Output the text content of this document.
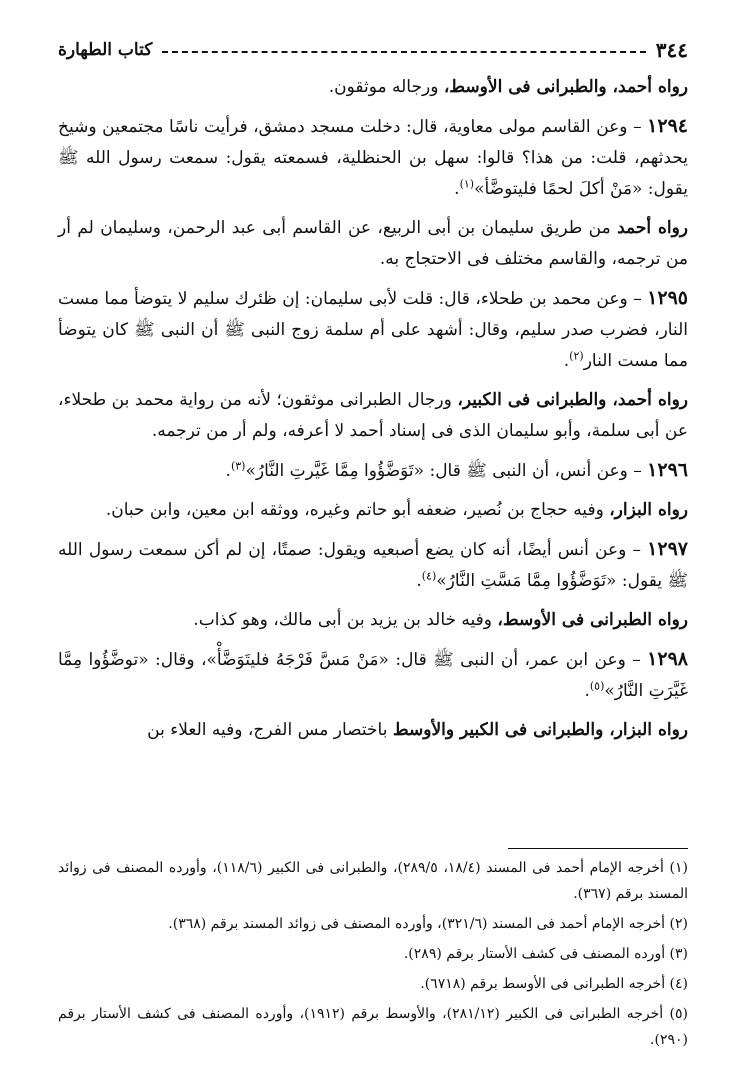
٣٤٤
كتاب الطهارة

رواه أحمد، والطبرانى فى الأوسط، ورجاله موثقون.

١٢٩٤ – وعن القاسم مولى معاوية، قال: دخلت مسجد دمشق، فرأيت ناسًا مجتمعين وشيخ يحدثهم، قلت: من هذا؟ قالوا: سهل بن الحنظلية، فسمعته يقول: سمعت رسول الله ﷺ يقول: «مَنْ أكلَ لحمًا فليتوضَّأ»$^{(١)}$.

رواه أحمد من طريق سليمان بن أبى الربيع، عن القاسم أبى عبد الرحمن، وسليمان لم أر من ترجمه، والقاسم مختلف فى الاحتجاج به.

١٢٩٥ – وعن محمد بن طحلاء، قال: قلت لأبى سليمان: إن ظئرك سليم لا يتوضأ مما مست النار، فضرب صدر سليم، وقال: أشهد على أم سلمة زوج النبى ﷺ أن النبى ﷺ كان يتوضأ مما مست النار$^{(٢)}$.

رواه أحمد، والطبرانى فى الكبير، ورجال الطبرانى موثقون؛ لأنه من رواية محمد بن طحلاء، عن أبى سلمة، وأبو سليمان الذى فى إسناد أحمد لا أعرفه، ولم أر من ترجمه.

١٢٩٦ – وعن أنس، أن النبى ﷺ قال: «تَوَضَّؤُوا مِمَّا غَيَّرتِ النَّارُ»$^{(٣)}$.

رواه البزار، وفيه حجاج بن نُصير، ضعفه أبو حاتم وغيره، ووثقه ابن معين، وابن حبان.

١٢٩٧ – وعن أنس أيضًا، أنه كان يضع أصبعيه ويقول: صمتًا، إن لم أكن سمعت رسول الله ﷺ يقول: «تَوَضَّؤُوا مِمَّا مَسَّتِ النَّارُ»$^{(٤)}$.

رواه الطبرانى فى الأوسط، وفيه خالد بن يزيد بن أبى مالك، وهو كذاب.

١٢٩٨ – وعن ابن عمر، أن النبى ﷺ قال: «مَنْ مَسَّ فَرْجَهُ فليتَوَضَّأْ»، وقال: «توضَّؤُوا مِمَّا غَيَّرَتِ النَّارُ»$^{(٥)}$.

رواه البزار، والطبرانى فى الكبير والأوسط باختصار مس الفرج، وفيه العلاء بن

(١) أخرجه الإمام أحمد فى المسند (١٨/٤، ٢٨٩/٥)، والطبرانى فى الكبير (١١٨/٦)، وأورده المصنف فى زوائد المسند برقم (٣٦٧).

(٢) أخرجه الإمام أحمد فى المسند (٣٢١/٦)، وأورده المصنف فى زوائد المسند برقم (٣٦٨).

(٣) أورده المصنف فى كشف الأستار برقم (٢٨٩).

(٤) أخرجه الطبرانى فى الأوسط برقم (٦٧١٨).

(٥) أخرجه الطبرانى فى الكبير (٢٨١/١٢)، والأوسط برقم (١٩١٢)، وأورده المصنف فى كشف الأستار برقم (٢٩٠).
